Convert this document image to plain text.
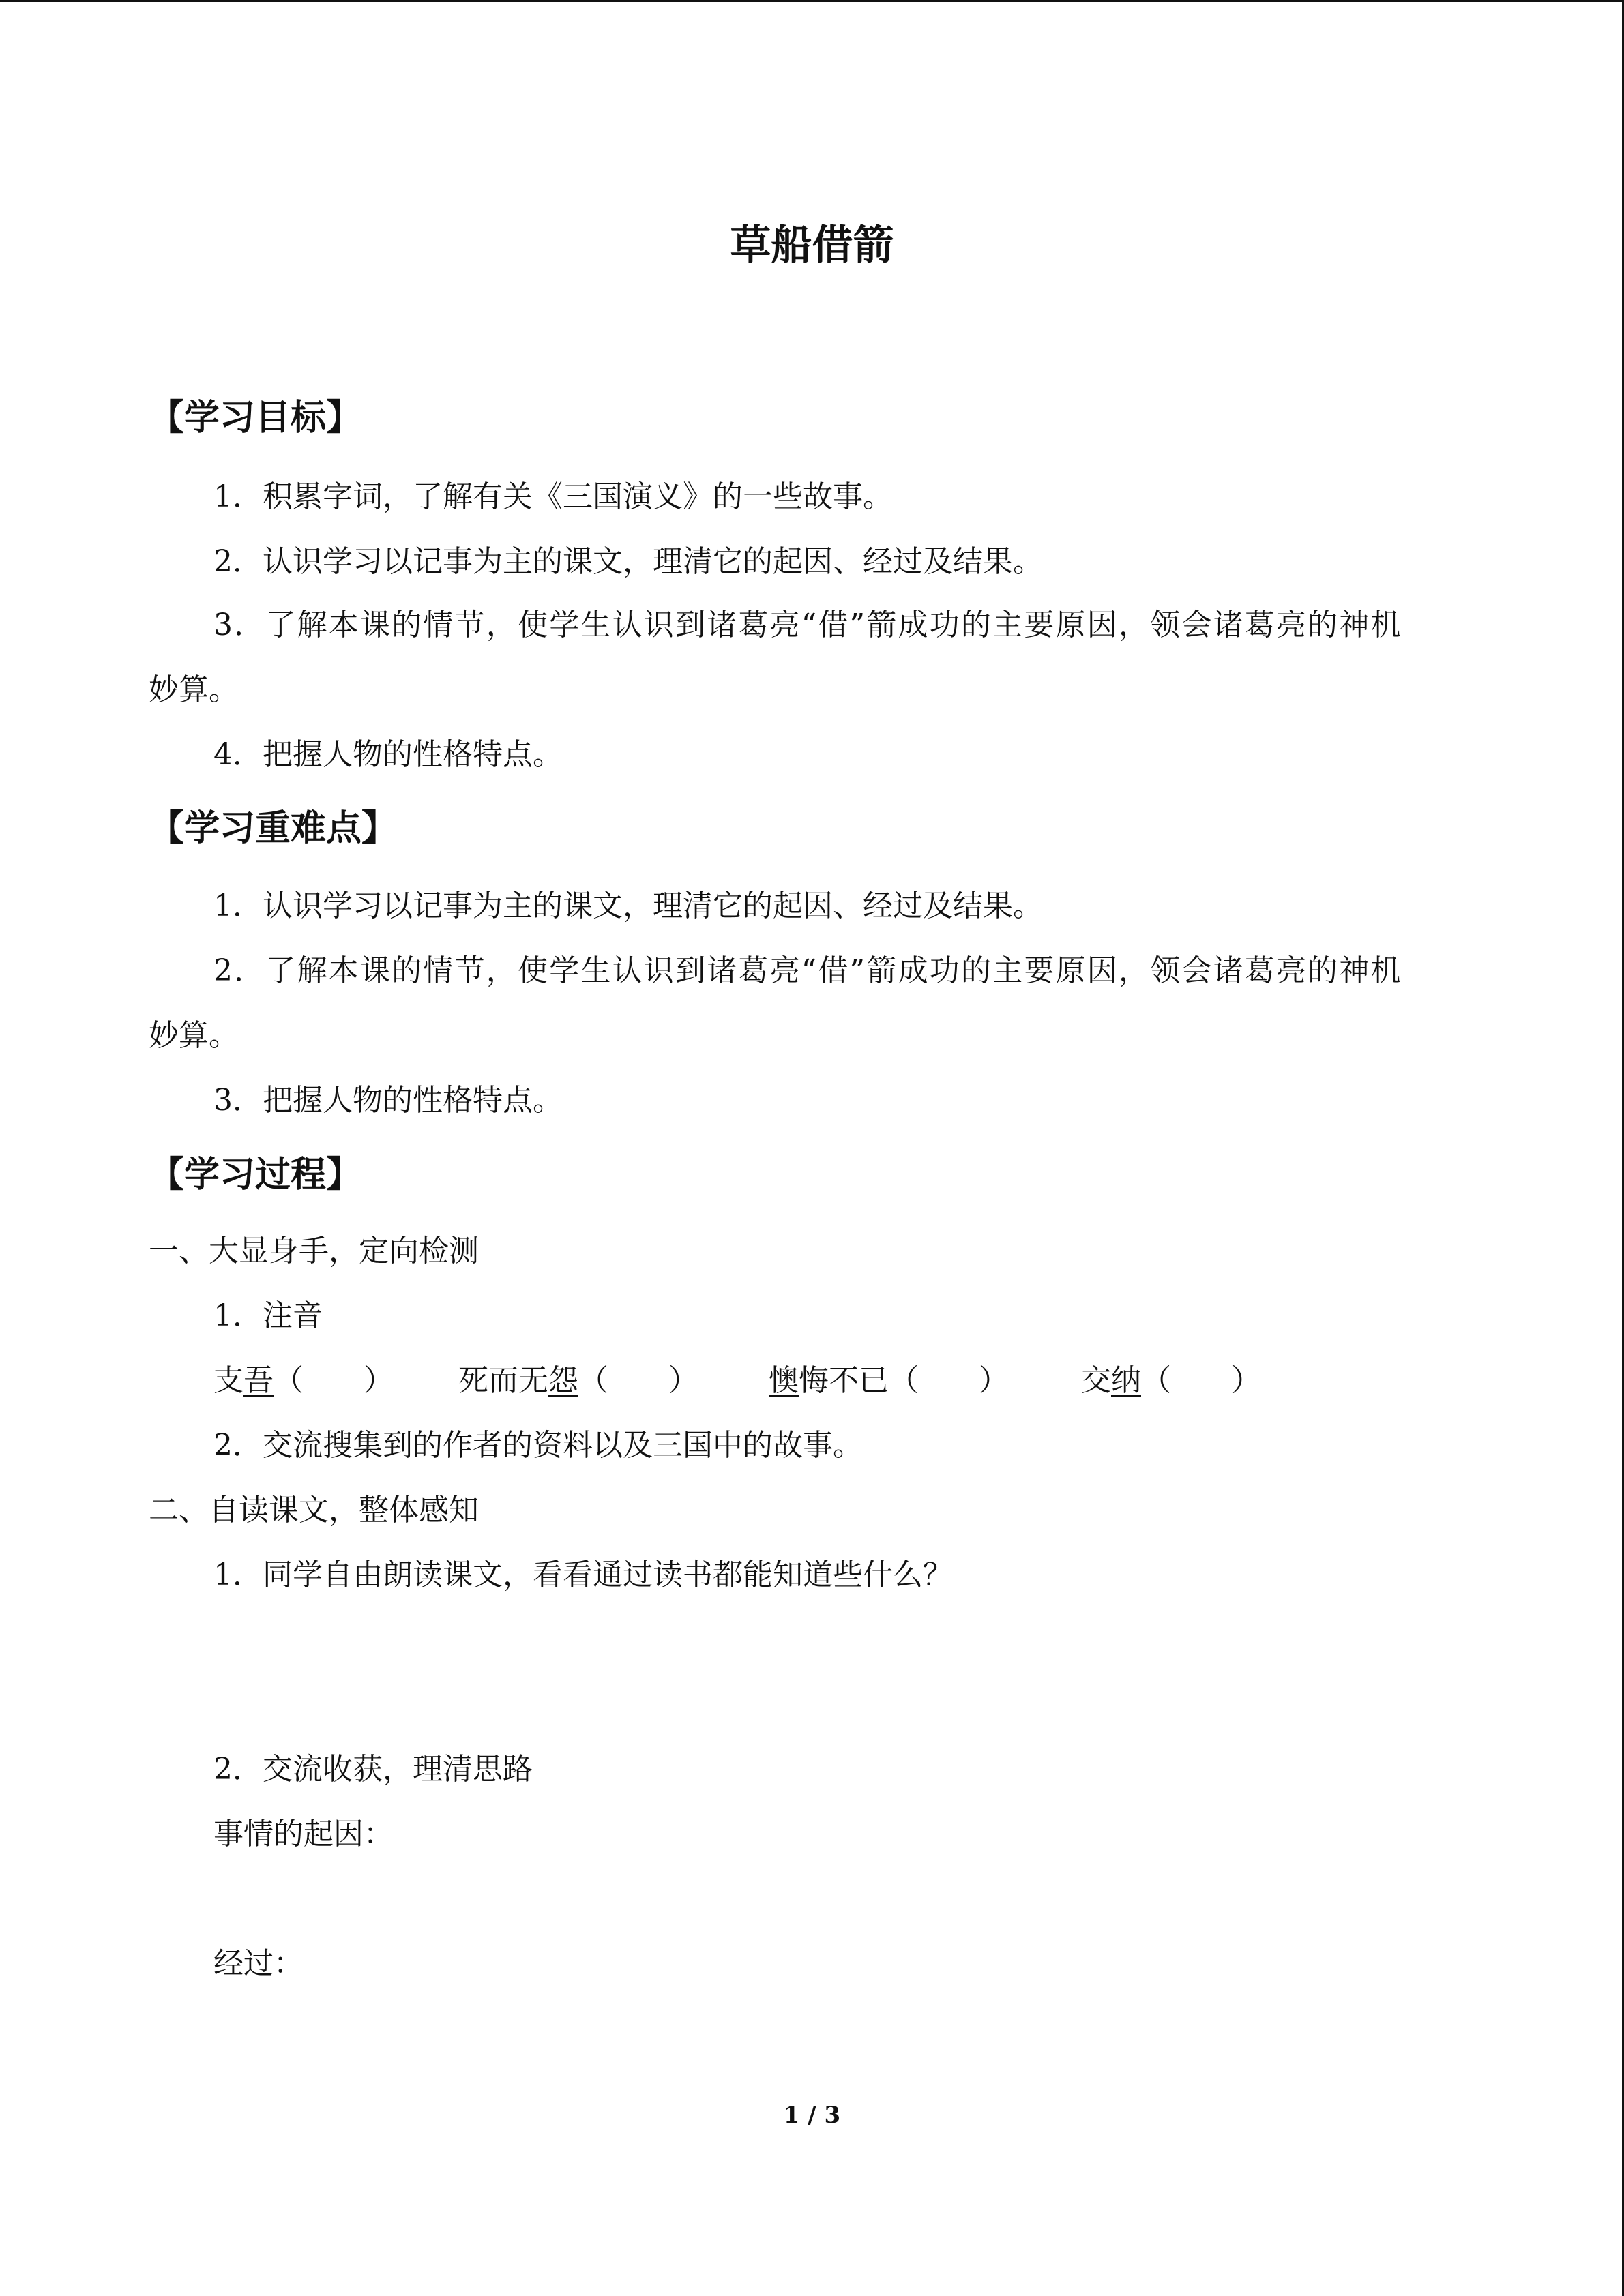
草船借箭
【学习目标】
1．积累字词，了解有关《三国演义》的一些故事。
2．认识学习以记事为主的课文，理清它的起因、经过及结果。
3．了解本课的情节，使学生认识到诸葛亮“借”箭成功的主要原因，领会诸葛亮的神机
妙算。
4．把握人物的性格特点。
【学习重难点】
1．认识学习以记事为主的课文，理清它的起因、经过及结果。
2．了解本课的情节，使学生认识到诸葛亮“借”箭成功的主要原因，领会诸葛亮的神机
妙算。
3．把握人物的性格特点。
【学习过程】
一、大显身手，定向检测
1．注音
支吾（　　） 死而无怨（　　） 懊悔不已（　　） 交纳（　　）
2．交流搜集到的作者的资料以及三国中的故事。
二、自读课文，整体感知
1．同学自由朗读课文，看看通过读书都能知道些什么？
2．交流收获，理清思路
事情的起因：
经过：
1 / 3
